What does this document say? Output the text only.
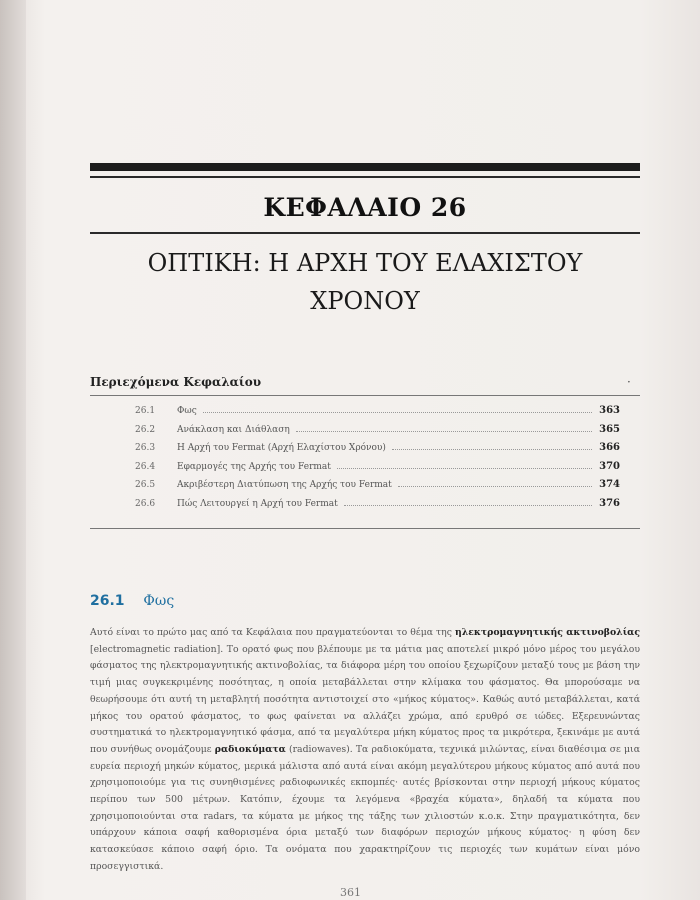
ΚΕΦΑΛΑΙΟ 26
ΟΠΤΙΚΗ: Η ΑΡΧΗ ΤΟΥ ΕΛΑΧΙΣΤΟΥ
ΧΡΟΝΟΥ
Περιεχόμενα Κεφαλαίου	·
26.1	Φως	363
26.2	Ανάκλαση και Διάθλαση	365
26.3	Η Αρχή του Fermat (Αρχή Ελαχίστου Χρόνου)	366
26.4	Εφαρμογές της Αρχής του Fermat	370
26.5	Ακριβέστερη Διατύπωση της Αρχής του Fermat	374
26.6	Πώς Λειτουργεί η Αρχή του Fermat	376
26.1 Φως
Αυτό είναι το πρώτο μας από τα Κεφάλαια που πραγματεύονται το θέμα της ηλεκτρομαγνητικής ακτινοβολίας [electromagnetic radiation]. Το ορατό φως που βλέπουμε με τα μάτια μας αποτελεί μικρό μόνο μέρος του μεγάλου φάσματος της ηλεκτρομαγνητικής ακτινοβολίας, τα διάφορα μέρη του οποίου ξεχωρίζουν μεταξύ τους με βάση την τιμή μιας συγκεκριμένης ποσότητας, η οποία μεταβάλλεται στην κλίμακα του φάσματος. Θα μπορούσαμε να θεωρήσουμε ότι αυτή τη μεταβλητή ποσότητα αντιστοιχεί στο «μήκος κύματος». Καθώς αυτό μεταβάλλεται, κατά μήκος του ορατού φάσματος, το φως φαίνεται να αλλάζει χρώμα, από ερυθρό σε ιώδες. Εξερευνώντας συστηματικά το ηλεκτρομαγνητικό φάσμα, από τα μεγαλύτερα μήκη κύματος προς τα μικρότερα, ξεκινάμε με αυτά που συνήθως ονομάζουμε ραδιοκύματα (radiowaves). Τα ραδιοκύματα, τεχνικά μιλώντας, είναι διαθέσιμα σε μια ευρεία περιοχή μηκών κύματος, μερικά μάλιστα από αυτά είναι ακόμη μεγαλύτερου μήκους κύματος από αυτά που χρησιμοποιούμε για τις συνηθισμένες ραδιοφωνικές εκπομπές· αυτές βρίσκονται στην περιοχή μήκους κύματος περίπου των 500 μέτρων. Κατόπιν, έχουμε τα λεγόμενα «βραχέα κύματα», δηλαδή τα κύματα που χρησιμοποιούνται στα radars, τα κύματα με μήκος της τάξης των χιλιοστών κ.ο.κ. Στην πραγματικότητα, δεν υπάρχουν κάποια σαφή καθορισμένα όρια μεταξύ των διαφόρων περιοχών μήκους κύματος· η φύση δεν κατασκεύασε κάποιο σαφή όριο. Τα ονόματα που χαρακτηρίζουν τις περιοχές των κυμάτων είναι μόνο προσεγγιστικά.
361
